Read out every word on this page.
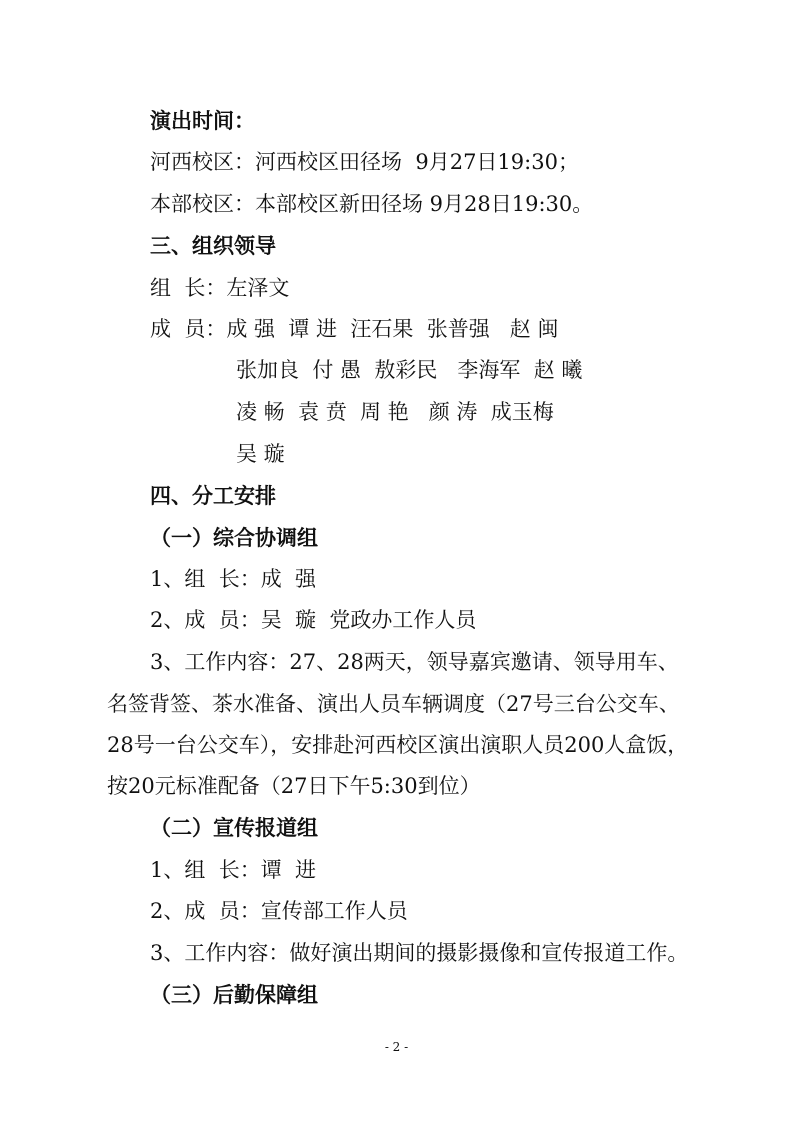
演出时间：
河西校区：河西校区田径场  9月27日19:30；
本部校区：本部校区新田径场 9月28日19:30。
三、组织领导
组  长：左泽文
成  员：成 强  谭 进  汪石果  张普强   赵 闽
张加良  付 愚  敖彩民   李海军  赵 曦
凌 畅  袁 贲  周 艳   颜 涛  成玉梅
吴 璇
四、分工安排
（一）综合协调组
1、组  长：成  强
2、成  员：吴  璇  党政办工作人员
3、工作内容：27、28两天，领导嘉宾邀请、领导用车、
名签背签、茶水准备、演出人员车辆调度（27号三台公交车、
28号一台公交车），安排赴河西校区演出演职人员200人盒饭，
按20元标准配备（27日下午5:30到位）
（二）宣传报道组
1、组  长：谭  进
2、成  员：宣传部工作人员
3、工作内容：做好演出期间的摄影摄像和宣传报道工作。
（三）后勤保障组
- 2 -
